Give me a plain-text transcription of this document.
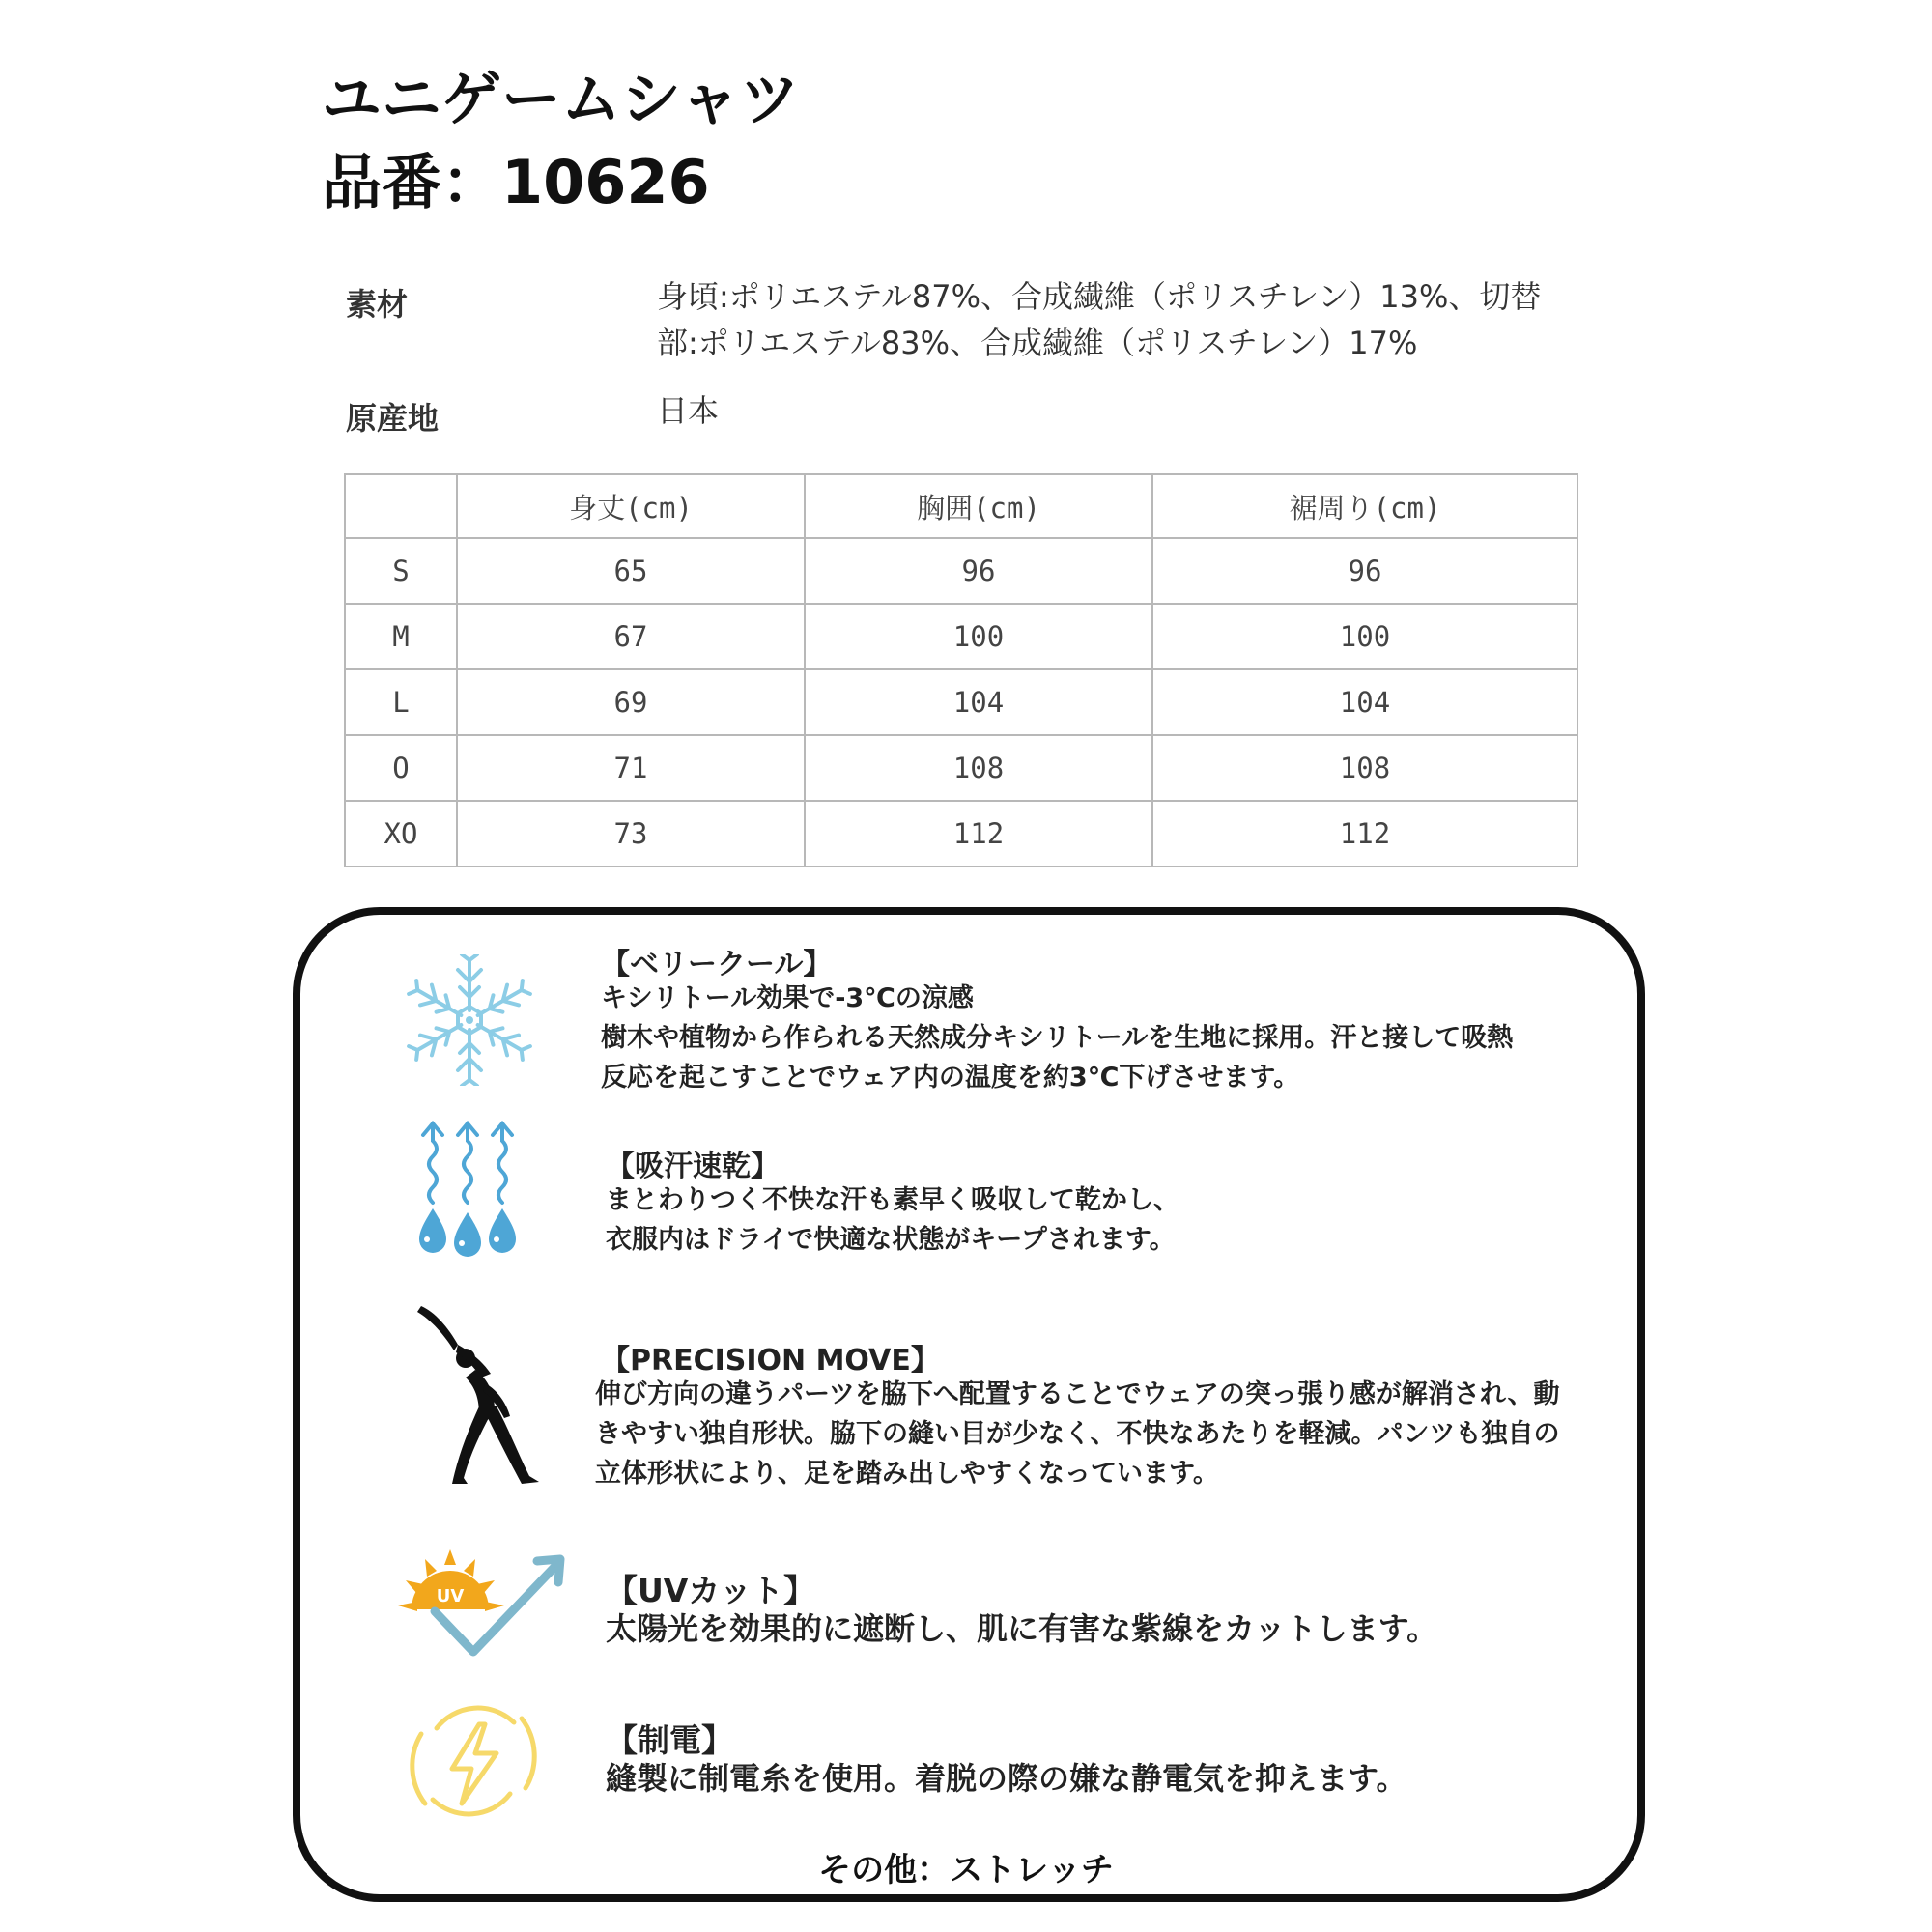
ユニゲームシャツ
品番：10626
素材	身頃:ポリエステル87%、合成繊維（ポリスチレン）13%、切替部:ポリエステル83%、合成繊維（ポリスチレン）17%
原産地	日本
	身丈(cm)	胸囲(cm)	裾周り(cm)
S	65	96	96
M	67	100	100
L	69	104	104
O	71	108	108
XO	73	112	112
【ベリークール】
キシリトール効果で-3℃の涼感
樹木や植物から作られる天然成分キシリトールを生地に採用。汗と接して吸熱反応を起こすことでウェア内の温度を約3℃下げさせます。
【吸汗速乾】
まとわりつく不快な汗も素早く吸収して乾かし、
衣服内はドライで快適な状態がキープされます。
【PRECISION MOVE】
伸び方向の違うパーツを脇下へ配置することでウェアの突っ張り感が解消され、動きやすい独自形状。脇下の縫い目が少なく、不快なあたりを軽減。パンツも独自の立体形状により、足を踏み出しやすくなっています。
UV	【UVカット】
太陽光を効果的に遮断し、肌に有害な紫線をカットします。
【制電】
縫製に制電糸を使用。着脱の際の嫌な静電気を抑えます。
その他：ストレッチ
